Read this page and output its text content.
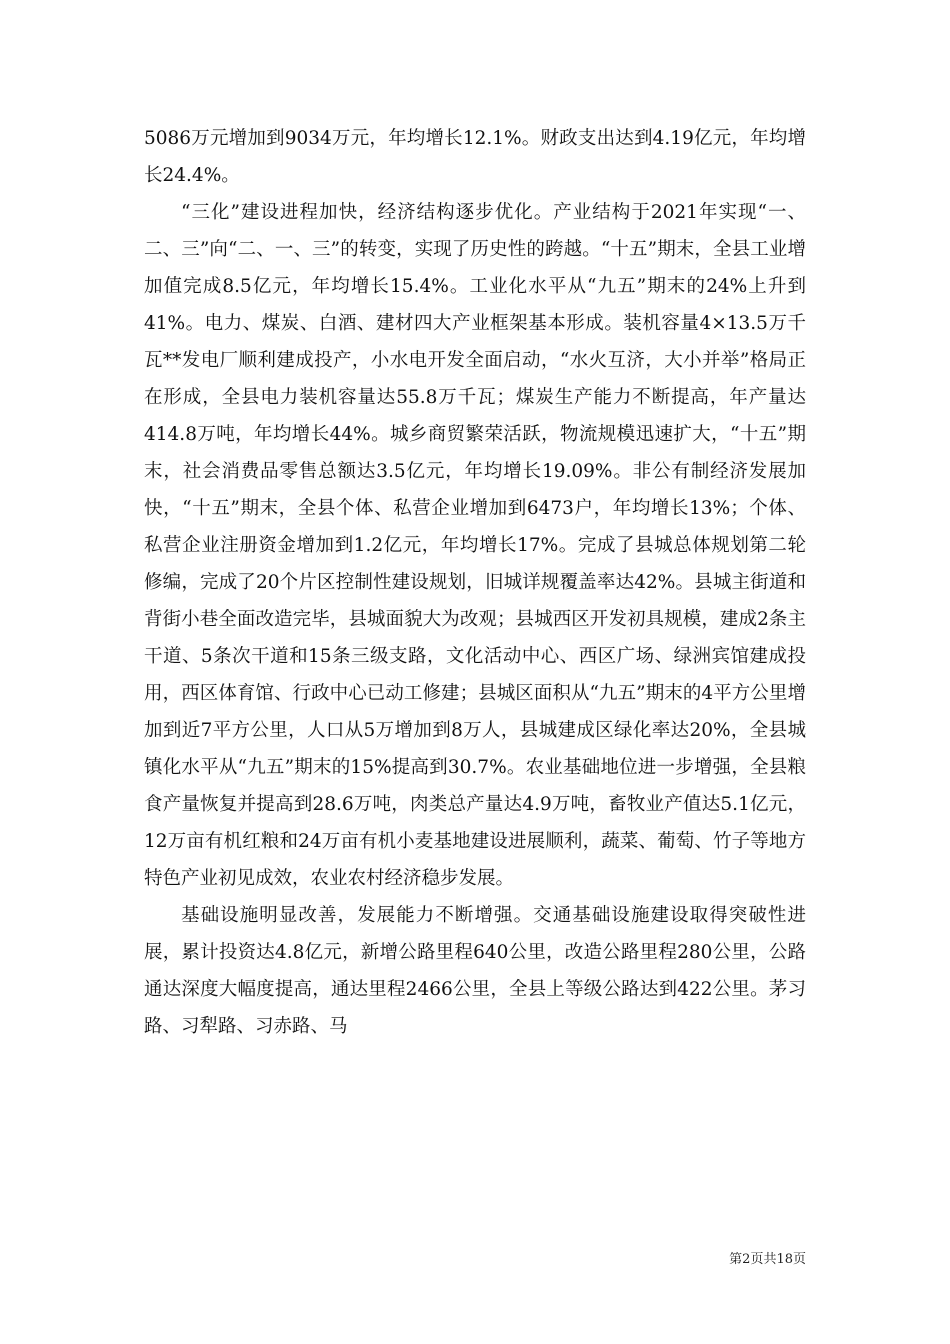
5086万元增加到9034万元，年均增长12.1%。财政支出达到4.19亿元，年均增长24.4%。

“三化”建设进程加快，经济结构逐步优化。产业结构于2021年实现“一、二、三”向“二、一、三”的转变，实现了历史性的跨越。“十五”期末，全县工业增加值完成8.5亿元，年均增长15.4%。工业化水平从“九五”期末的24%上升到41%。电力、煤炭、白酒、建材四大产业框架基本形成。装机容量4×13.5万千瓦**发电厂顺利建成投产，小水电开发全面启动，“水火互济，大小并举”格局正在形成，全县电力装机容量达55.8万千瓦；煤炭生产能力不断提高，年产量达414.8万吨，年均增长44%。城乡商贸繁荣活跃，物流规模迅速扩大，“十五”期末，社会消费品零售总额达3.5亿元，年均增长19.09%。非公有制经济发展加快，“十五”期末，全县个体、私营企业增加到6473户，年均增长13%；个体、私营企业注册资金增加到1.2亿元，年均增长17%。完成了县城总体规划第二轮修编，完成了20个片区控制性建设规划，旧城详规覆盖率达42%。县城主街道和背街小巷全面改造完毕，县城面貌大为改观；县城西区开发初具规模，建成2条主干道、5条次干道和15条三级支路，文化活动中心、西区广场、绿洲宾馆建成投用，西区体育馆、行政中心已动工修建；县城区面积从“九五”期末的4平方公里增加到近7平方公里，人口从5万增加到8万人，县城建成区绿化率达20%，全县城镇化水平从“九五”期末的15%提高到30.7%。农业基础地位进一步增强，全县粮食产量恢复并提高到28.6万吨，肉类总产量达4.9万吨，畜牧业产值达5.1亿元，12万亩有机红粮和24万亩有机小麦基地建设进展顺利，蔬菜、葡萄、竹子等地方特色产业初见成效，农业农村经济稳步发展。

基础设施明显改善，发展能力不断增强。交通基础设施建设取得突破性进展，累计投资达4.8亿元，新增公路里程640公里，改造公路里程280公里，公路通达深度大幅度提高，通达里程2466公里，全县上等级公路达到422公里。茅习路、习犁路、习赤路、马

第2页共18页
